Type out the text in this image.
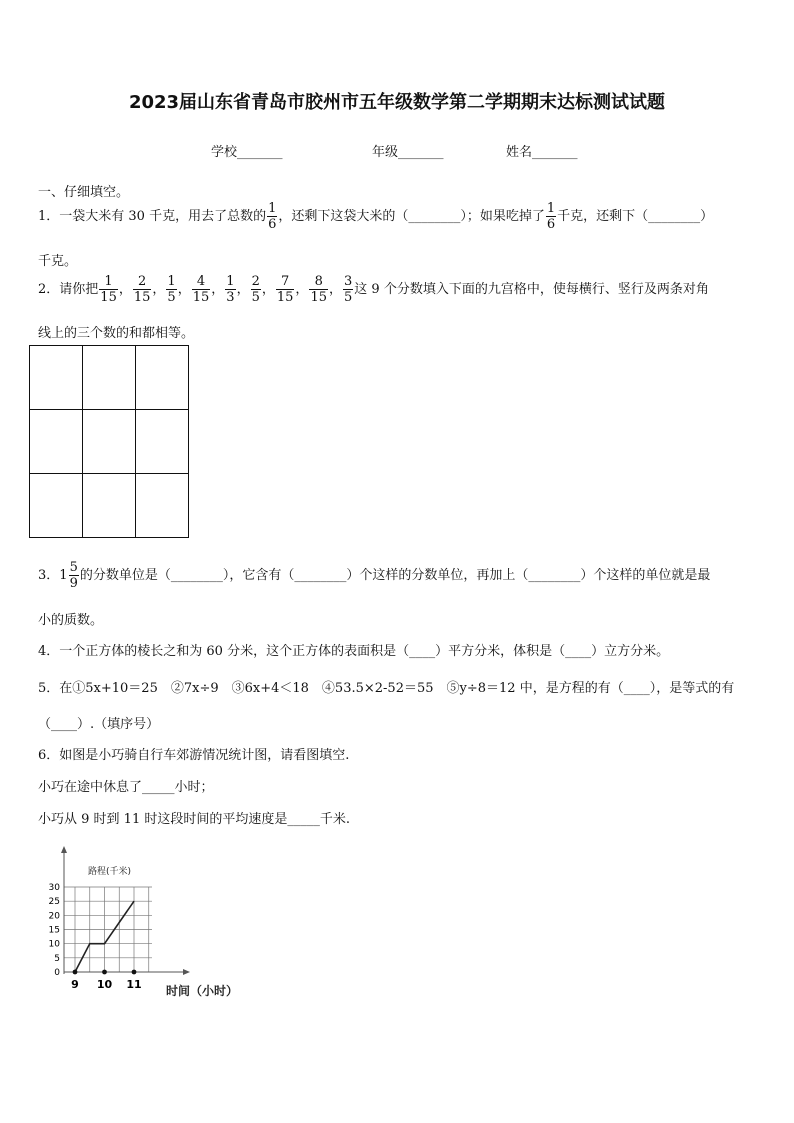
2023届山东省青岛市胶州市五年级数学第二学期期末达标测试试题
学校_______	年级_______	姓名_______
一、仔细填空。
1．一袋大米有 30 千克，用去了总数的 $\frac{1}{6}$ ，还剩下这袋大米的（________）；如果吃掉了 $\frac{1}{6}$ 千克，还剩下（________）
千克。
2．请你把 $\frac{1}{15}$ ， $\frac{2}{15}$ ， $\frac{1}{5}$ ， $\frac{4}{15}$ ， $\frac{1}{3}$ ， $\frac{2}{5}$ ， $\frac{7}{15}$ ， $\frac{8}{15}$ ， $\frac{3}{5}$ 这 9 个分数填入下面的九宫格中，使每横行、竖行及两条对角
线上的三个数的和都相等。

3．$1 \frac{5}{9}$ 的分数单位是（________），它含有（________）个这样的分数单位，再加上（________）个这样的单位就是最
小的质数。
4．一个正方体的棱长之和为 60 分米，这个正方体的表面积是（____）平方分米，体积是（____）立方分米。
5．在①5x+10＝25　②7x÷9　③6x+4＜18　④53.5×2-52＝55　⑤y÷8＝12 中，是方程的有（____），是等式的有
（____）.（填序号）
6．如图是小巧骑自行车郊游情况统计图，请看图填空.
小巧在途中休息了_____小时；
小巧从 9 时到 11 时这段时间的平均速度是_____千米.
路程(千米)
时间（小时）
0
5
10
15
20
25
30
9 10 11
